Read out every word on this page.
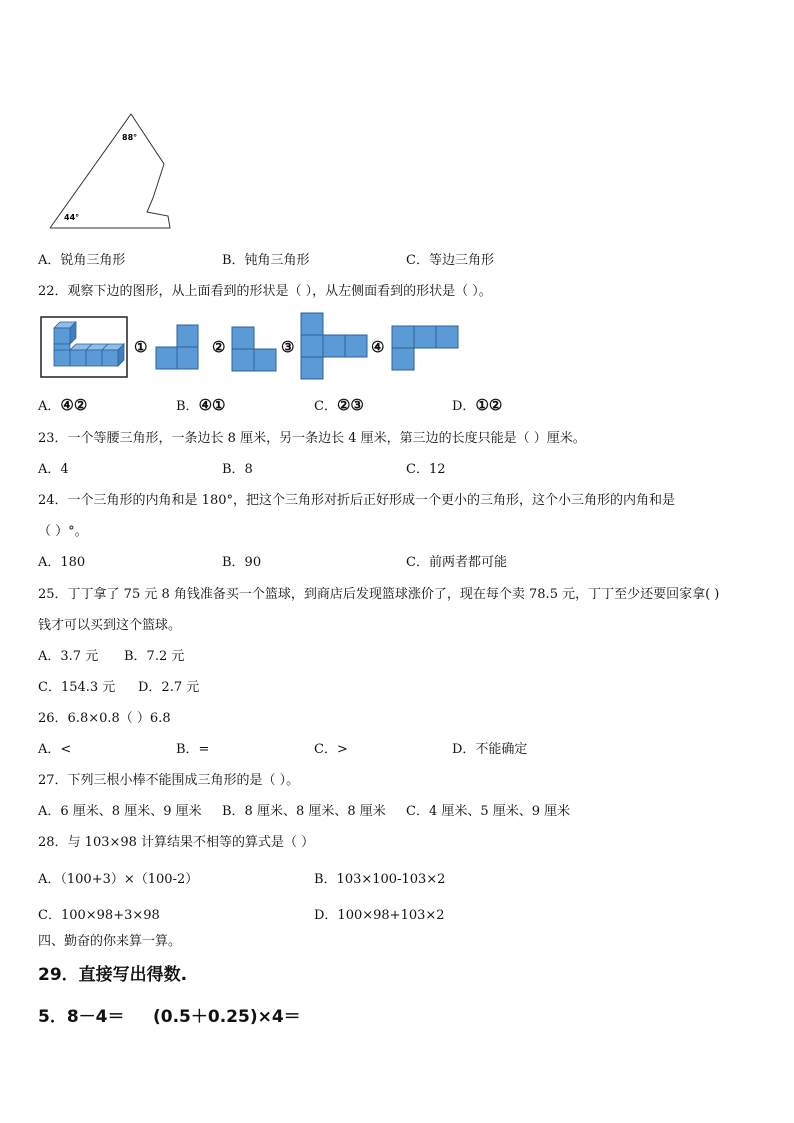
88°
44°
A．锐角三角形	B．钝角三角形	C．等边三角形
22．观察下边的图形，从上面看到的形状是（ ），从左侧面看到的形状是（ ）。
①	②	③	④
A．④②	B．④①	C．②③	D．①②
23．一个等腰三角形，一条边长 8 厘米，另一条边长 4 厘米，第三边的长度只能是（ ）厘米。
A．4	B．8	C．12
24．一个三角形的内角和是 180°，把这个三角形对折后正好形成一个更小的三角形，这个小三角形的内角和是
（ ）°。
A．180	B．90	C．前两者都可能
25．丁丁拿了 75 元 8 角钱准备买一个篮球，到商店后发现篮球涨价了，现在每个卖 78.5 元，丁丁至少还要回家拿( )
钱才可以买到这个篮球。
A．3.7 元 B．7.2 元
C．154.3 元 D．2.7 元
26．6.8×0.8（ ）6.8
A．<	B．=	C．>	D．不能确定
27．下列三根小棒不能围成三角形的是（ ）。
A．6 厘米、8 厘米、9 厘米 B．8 厘米、8 厘米、8 厘米 C．4 厘米、5 厘米、9 厘米
28．与 103×98 计算结果不相等的算式是（ ）
A．（100+3）×（100-2）	B．103×100-103×2
C．100×98+3×98	D．100×98+103×2
四、勤奋的你来算一算。
29．直接写出得数.
5．8－4＝ (0.5＋0.25)×4＝
